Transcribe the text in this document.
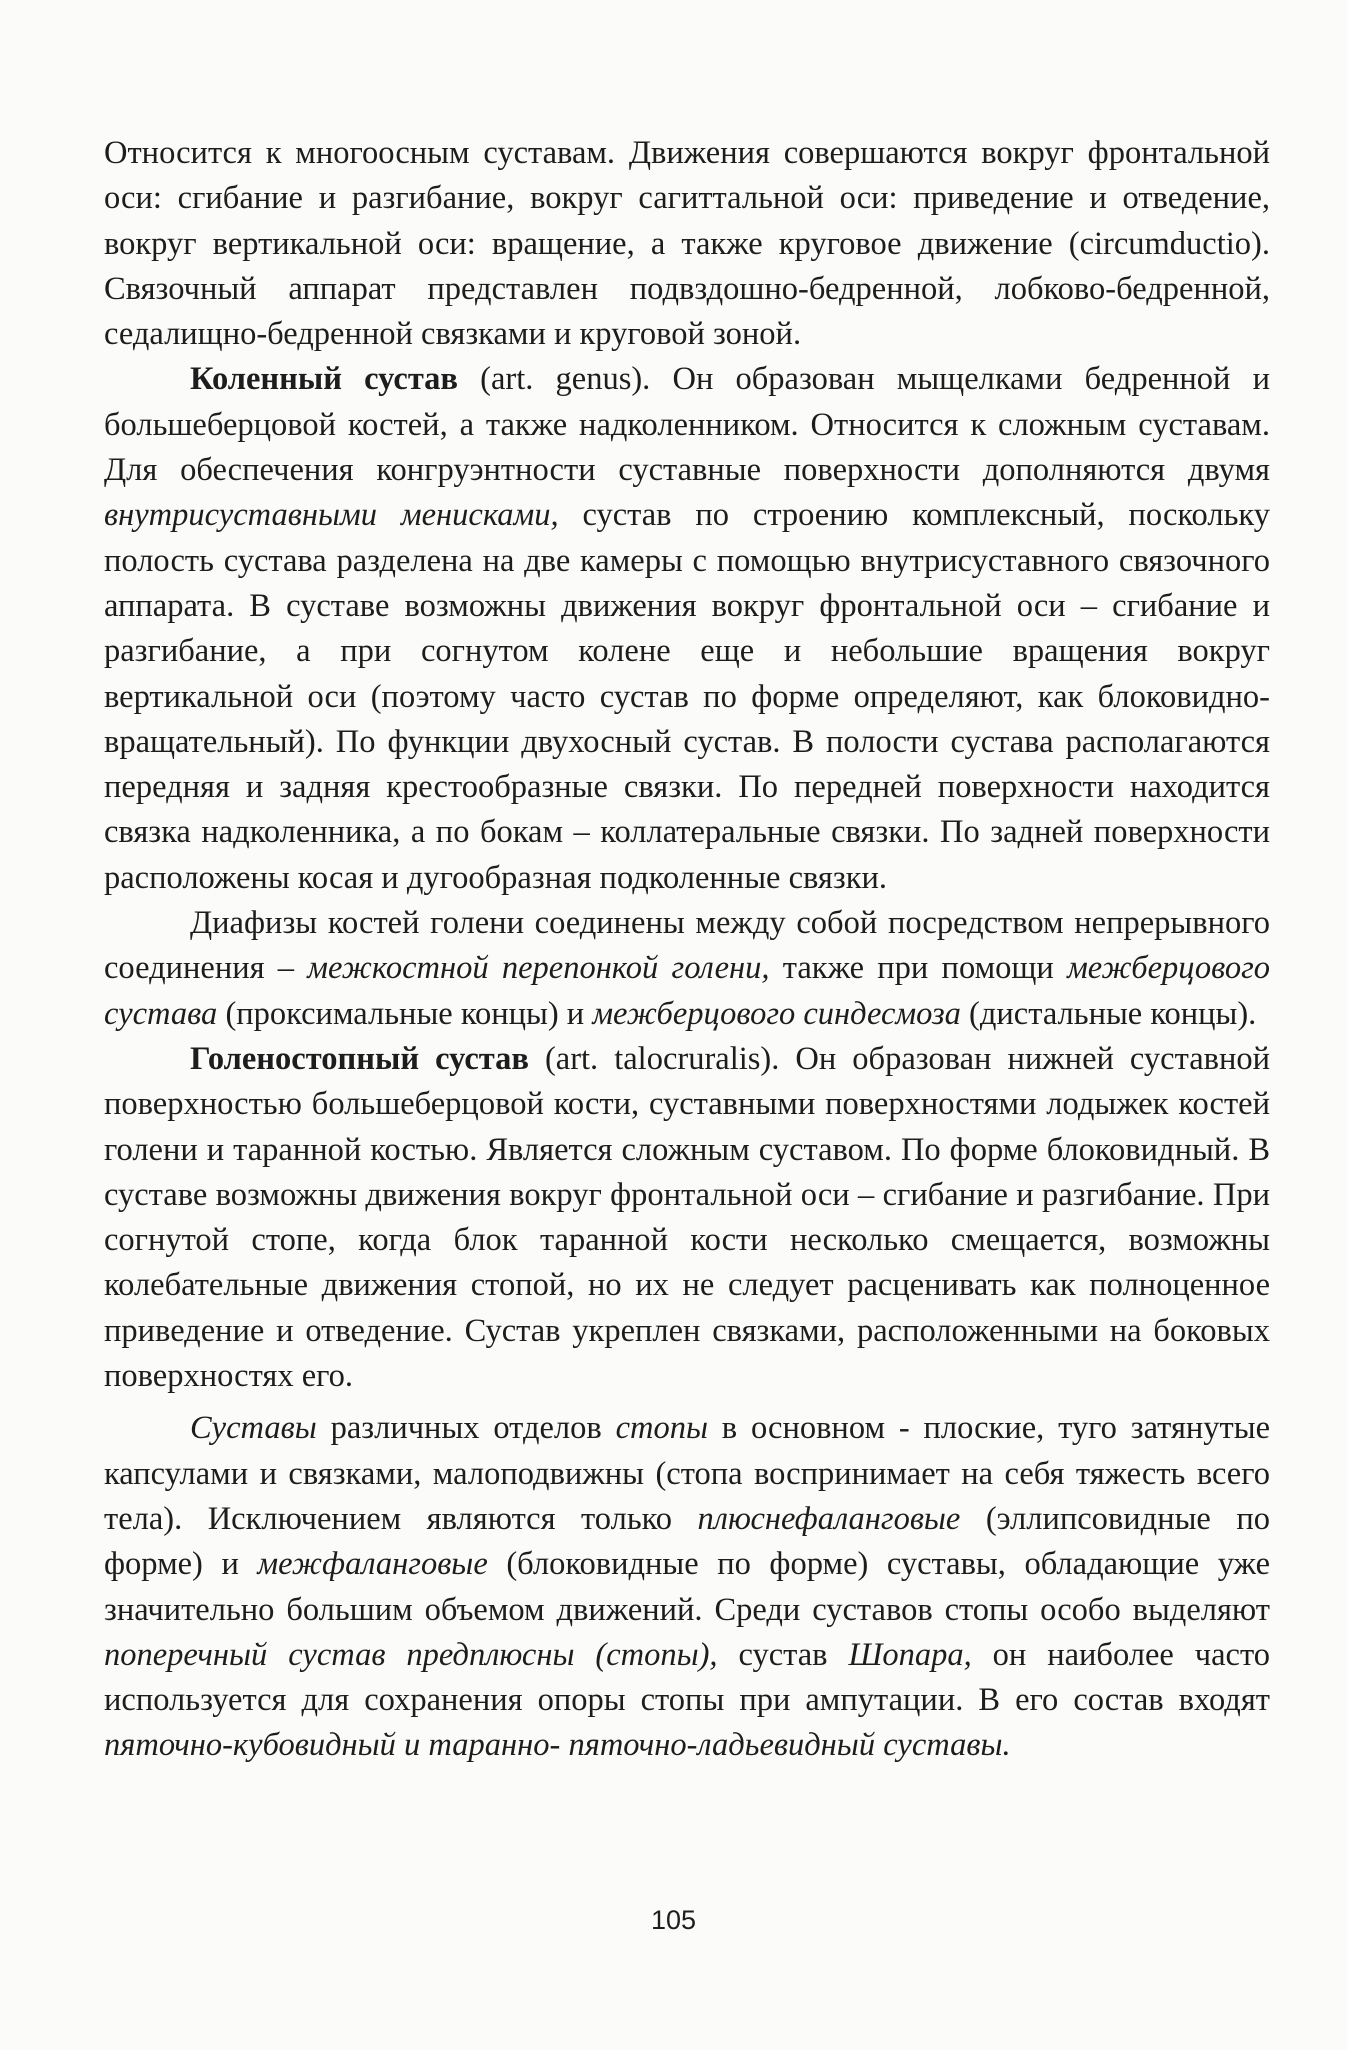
Относится к многоосным суставам. Движения совершаются вокруг фронтальной оси: сгибание и разгибание, вокруг сагиттальной оси: приведение и отведение, вокруг вертикальной оси: вращение, а также круговое движение (circumductio). Связочный аппарат представлен подвздошно-бедренной, лобково-бедренной, седалищно-бедренной связками и круговой зоной.

Коленный сустав (art. genus). Он образован мыщелками бедренной и большеберцовой костей, а также надколенником. Относится к сложным суставам. Для обеспечения конгруэнтности суставные поверхности дополняются двумя внутрисуставными менисками, сустав по строению комплексный, поскольку полость сустава разделена на две камеры с помощью внутрисуставного связочного аппарата. В суставе возможны движения вокруг фронтальной оси – сгибание и разгибание, а при согнутом колене еще и небольшие вращения вокруг вертикальной оси (поэтому часто сустав по форме определяют, как блоковидно-вращательный). По функции двухосный сустав. В полости сустава располагаются передняя и задняя крестообразные связки. По передней поверхности находится связка надколенника, а по бокам – коллатеральные связки. По задней поверхности расположены косая и дугообразная подколенные связки.

Диафизы костей голени соединены между собой посредством непрерывного соединения – межкостной перепонкой голени, также при помощи межберцового сустава (проксимальные концы) и межберцового синдесмоза (дистальные концы).

Голеностопный сустав (art. talocruralis). Он образован нижней суставной поверхностью большеберцовой кости, суставными поверхностями лодыжек костей голени и таранной костью. Является сложным суставом. По форме блоковидный. В суставе возможны движения вокруг фронтальной оси – сгибание и разгибание. При согнутой стопе, когда блок таранной кости несколько смещается, возможны колебательные движения стопой, но их не следует расценивать как полноценное приведение и отведение. Сустав укреплен связками, расположенными на боковых поверхностях его.

Суставы различных отделов стопы в основном - плоские, туго затянутые капсулами и связками, малоподвижны (стопа воспринимает на себя тяжесть всего тела). Исключением являются только плюснефаланговые (эллипсовидные по форме) и межфаланговые (блоковидные по форме) суставы, обладающие уже значительно большим объемом движений. Среди суставов стопы особо выделяют поперечный сустав предплюсны (стопы), сустав Шопара, он наиболее часто используется для сохранения опоры стопы при ампутации. В его состав входят пяточно-кубовидный и таранно- пяточно-ладьевидный суставы.

105
